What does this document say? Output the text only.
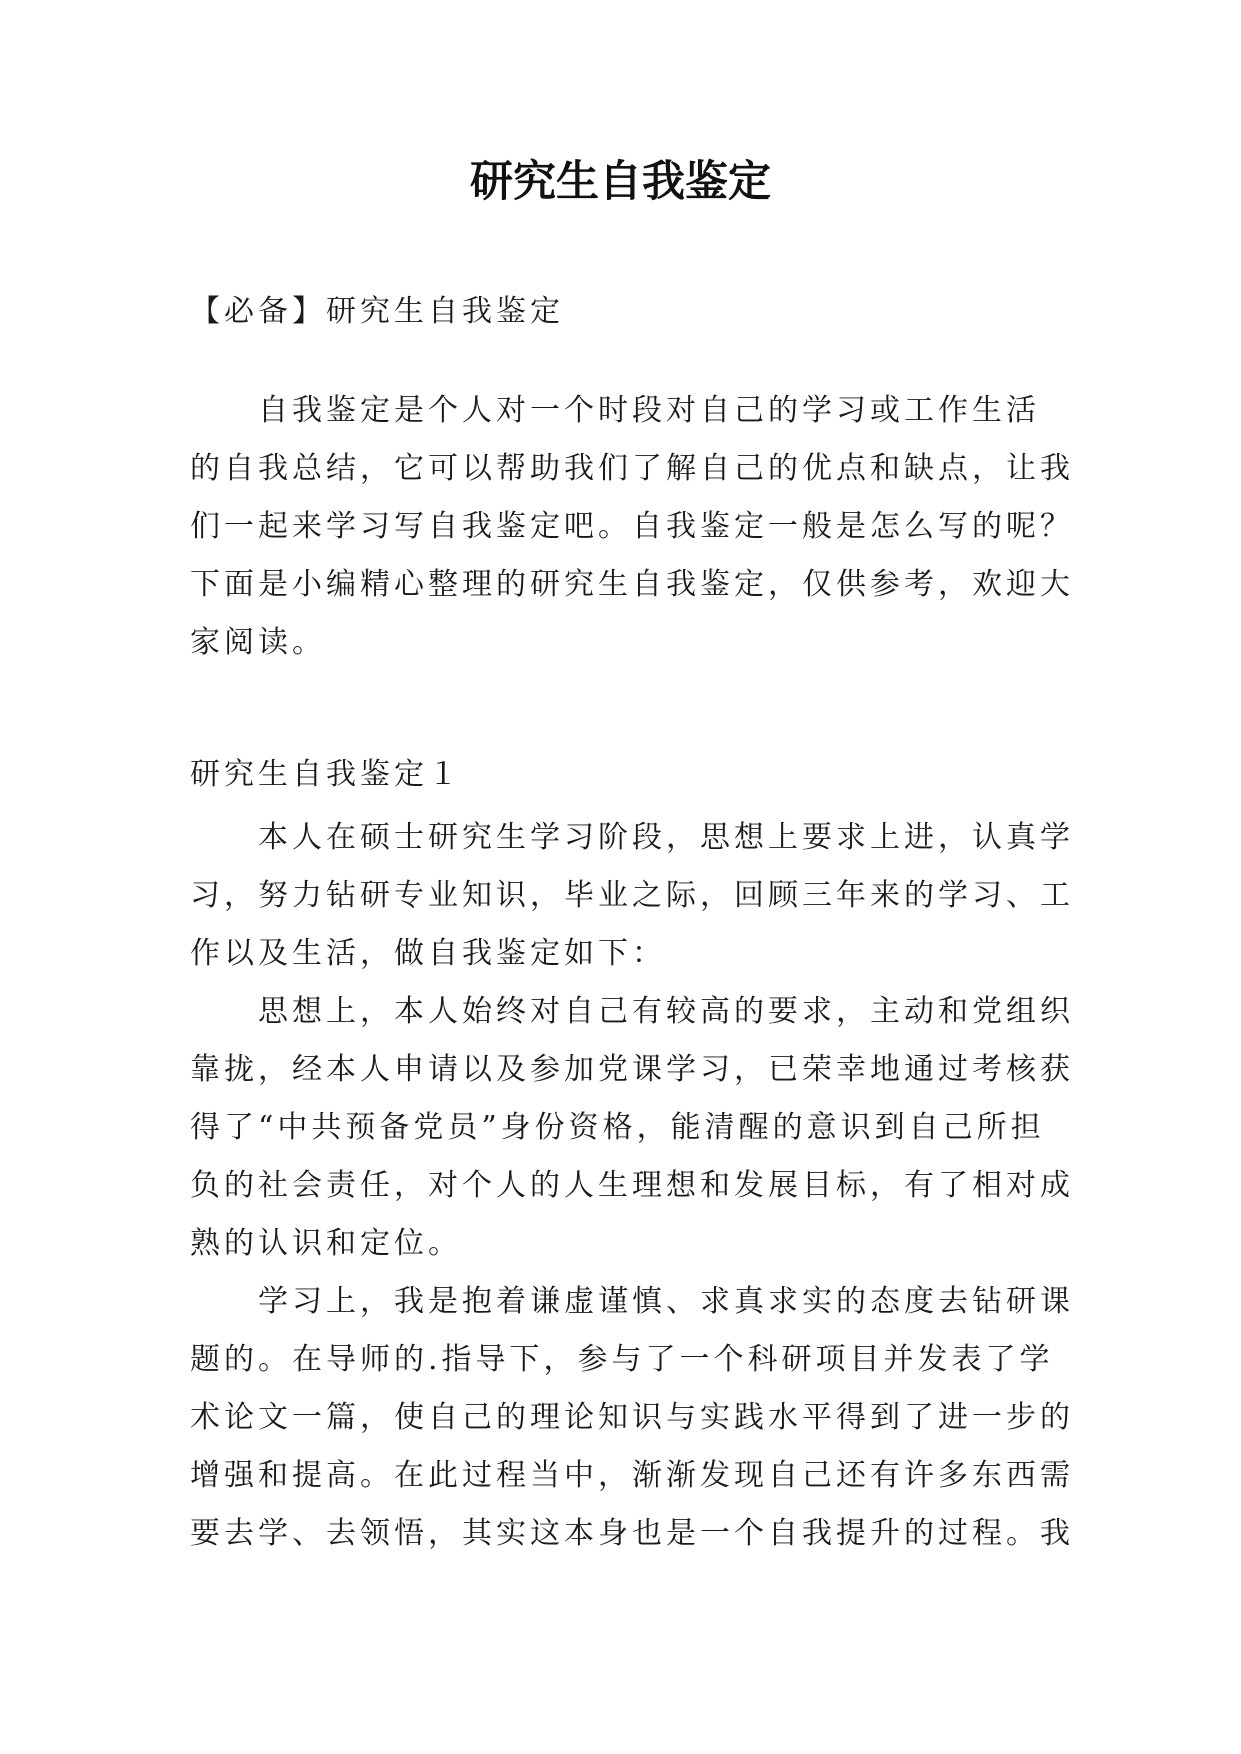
研究生自我鉴定

【必备】研究生自我鉴定

自我鉴定是个人对一个时段对自己的学习或工作生活
的自我总结，它可以帮助我们了解自己的优点和缺点，让我
们一起来学习写自我鉴定吧。自我鉴定一般是怎么写的呢？
下面是小编精心整理的研究生自我鉴定，仅供参考，欢迎大
家阅读。

研究生自我鉴定１

本人在硕士研究生学习阶段，思想上要求上进，认真学
习，努力钻研专业知识，毕业之际，回顾三年来的学习、工
作以及生活，做自我鉴定如下：
思想上，本人始终对自己有较高的要求，主动和党组织
靠拢，经本人申请以及参加党课学习，已荣幸地通过考核获
得了“中共预备党员”身份资格，能清醒的意识到自己所担
负的社会责任，对个人的人生理想和发展目标，有了相对成
熟的认识和定位。
学习上，我是抱着谦虚谨慎、求真求实的态度去钻研课
题的。在导师的.指导下，参与了一个科研项目并发表了学
术论文一篇，使自己的理论知识与实践水平得到了进一步的
增强和提高。在此过程当中，渐渐发现自己还有许多东西需
要去学、去领悟，其实这本身也是一个自我提升的过程。我
